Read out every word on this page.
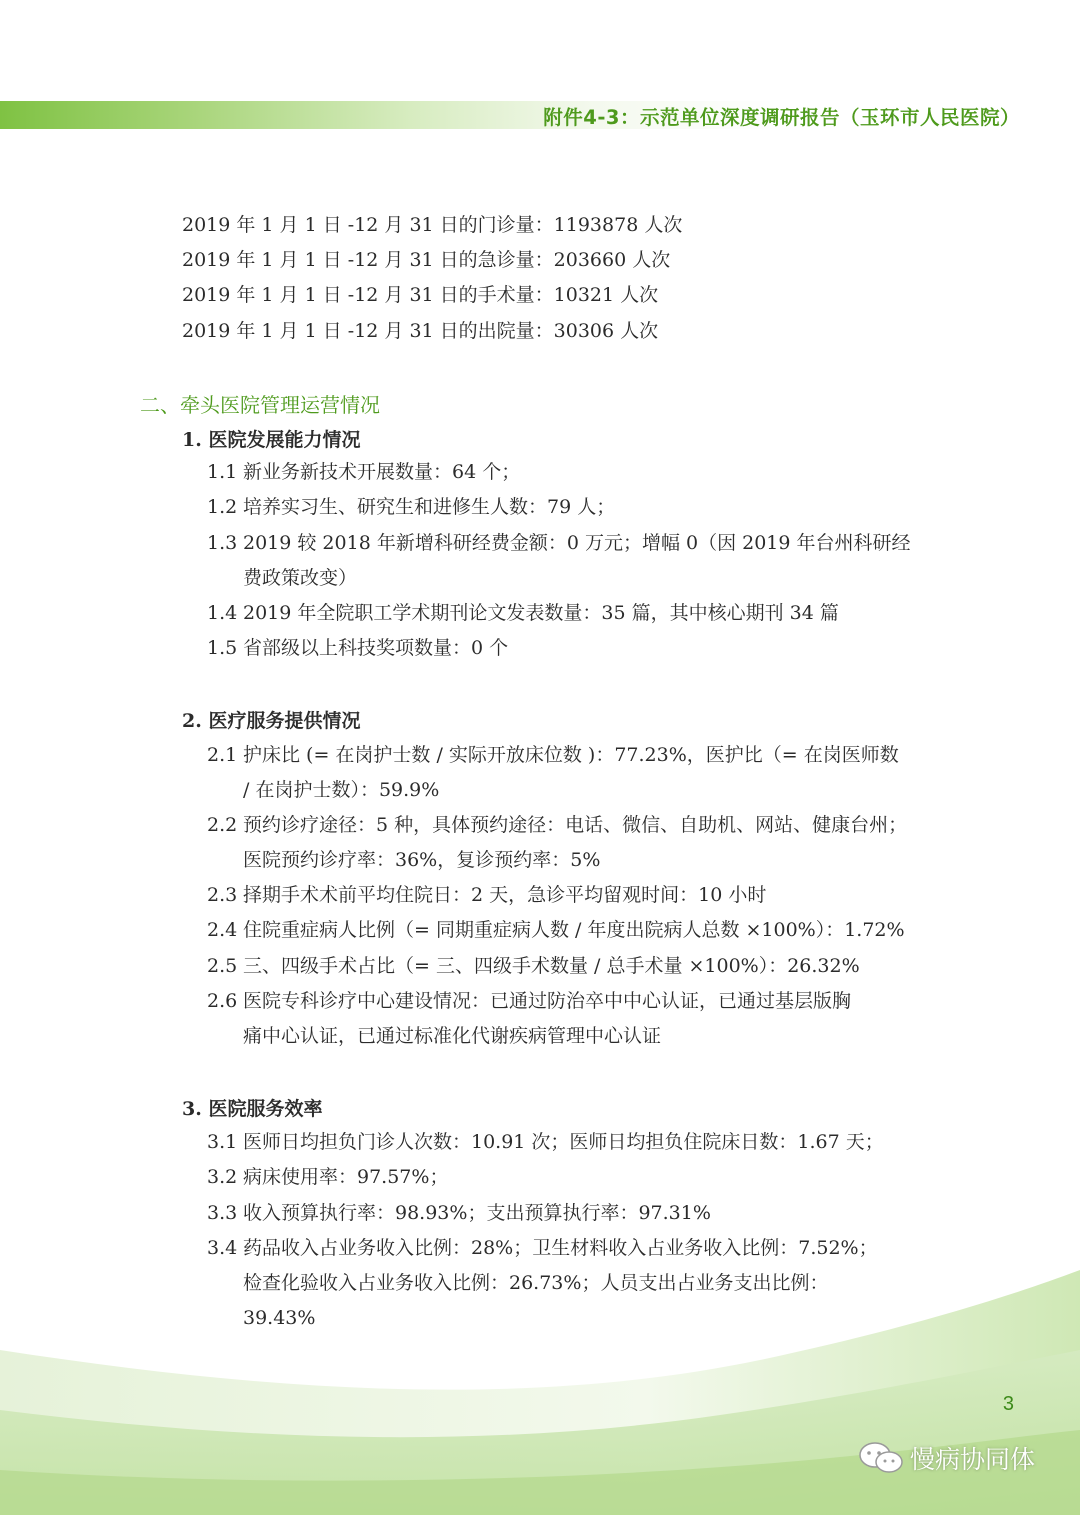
附件4-3：示范单位深度调研报告（玉环市人民医院）
2019 年 1 月 1 日 -12 月 31 日的门诊量：1193878 人次
2019 年 1 月 1 日 -12 月 31 日的急诊量：203660 人次
2019 年 1 月 1 日 -12 月 31 日的手术量：10321 人次
2019 年 1 月 1 日 -12 月 31 日的出院量：30306 人次
二、牵头医院管理运营情况
1. 医院发展能力情况
1.1 新业务新技术开展数量：64 个；
1.2 培养实习生、研究生和进修生人数：79 人；
1.3 2019 较 2018 年新增科研经费金额：0 万元；增幅 0（因 2019 年台州科研经
费政策改变）
1.4 2019 年全院职工学术期刊论文发表数量：35 篇，其中核心期刊 34 篇
1.5 省部级以上科技奖项数量：0 个
2. 医疗服务提供情况
2.1 护床比 (= 在岗护士数 / 实际开放床位数 )：77.23%，医护比（= 在岗医师数
/ 在岗护士数）：59.9%
2.2 预约诊疗途径：5 种，具体预约途径：电话、微信、自助机、网站、健康台州；
医院预约诊疗率：36%，复诊预约率：5%
2.3 择期手术术前平均住院日：2 天，急诊平均留观时间：10 小时
2.4 住院重症病人比例（= 同期重症病人数 / 年度出院病人总数 ×100%）：1.72%
2.5 三、四级手术占比（= 三、四级手术数量 / 总手术量 ×100%）：26.32%
2.6 医院专科诊疗中心建设情况：已通过防治卒中中心认证，已通过基层版胸
痛中心认证，已通过标准化代谢疾病管理中心认证
3. 医院服务效率
3.1 医师日均担负门诊人次数：10.91 次；医师日均担负住院床日数：1.67 天；
3.2 病床使用率：97.57%；
3.3 收入预算执行率：98.93%；支出预算执行率：97.31%
3.4 药品收入占业务收入比例：28%；卫生材料收入占业务收入比例：7.52%；
检查化验收入占业务收入比例：26.73%；人员支出占业务支出比例：
39.43%
3
慢病协同体
